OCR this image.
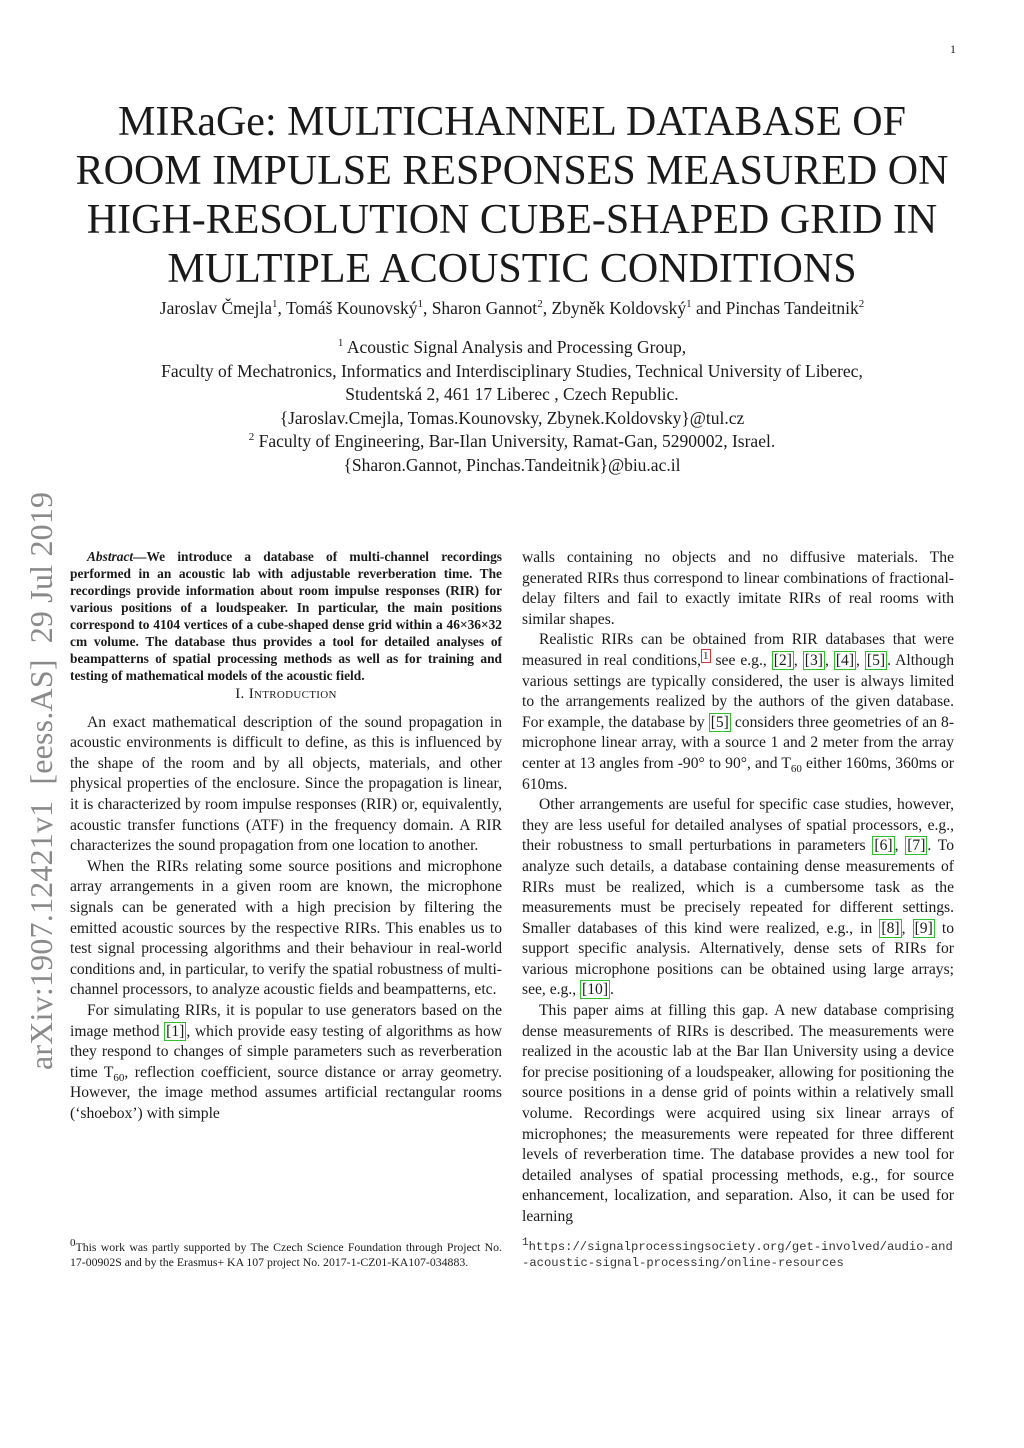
1
arXiv:1907.12421v1
[eess.AS]
29 Jul 2019
MIRaGe: MULTICHANNEL DATABASE OF
ROOM IMPULSE RESPONSES MEASURED ON
HIGH-RESOLUTION CUBE-SHAPED GRID IN
MULTIPLE ACOUSTIC CONDITIONS
Jaroslav Čmejla$^1$, Tomáš Kounovský$^1$, Sharon Gannot$^2$, Zbyněk Koldovský$^1$ and Pinchas Tandeitnik$^2$
$^1$ Acoustic Signal Analysis and Processing Group,
Faculty of Mechatronics, Informatics and Interdisciplinary Studies, Technical University of Liberec,
Studentská 2, 461 17 Liberec , Czech Republic.
{Jaroslav.Cmejla, Tomas.Kounovsky, Zbynek.Koldovsky}@tul.cz
$^2$ Faculty of Engineering, Bar-Ilan University, Ramat-Gan, 5290002, Israel.
{Sharon.Gannot, Pinchas.Tandeitnik}@biu.ac.il

Abstract—We introduce a database of multi-channel recordings performed in an acoustic lab with adjustable reverberation time. The recordings provide information about room impulse responses (RIR) for various positions of a loudspeaker. In particular, the main positions correspond to 4104 vertices of a cube-shaped dense grid within a 46×36×32 cm volume. The database thus provides a tool for detailed analyses of beampatterns of spatial processing methods as well as for training and testing of mathematical models of the acoustic field.

I. Introduction

An exact mathematical description of the sound propagation in acoustic environments is difficult to define, as this is influenced by the shape of the room and by all objects, materials, and other physical properties of the enclosure. Since the propagation is linear, it is characterized by room impulse responses (RIR) or, equivalently, acoustic transfer functions (ATF) in the frequency domain. A RIR characterizes the sound propagation from one location to another.

When the RIRs relating some source positions and microphone array arrangements in a given room are known, the microphone signals can be generated with a high precision by filtering the emitted acoustic sources by the respective RIRs. This enables us to test signal processing algorithms and their behaviour in real-world conditions and, in particular, to verify the spatial robustness of multi-channel processors, to analyze acoustic fields and beampatterns, etc.

For simulating RIRs, it is popular to use generators based on the image method [1] , which provide easy testing of algorithms as how they respond to changes of simple parameters such as reverberation time $T_{60}$, reflection coefficient, source distance or array geometry. However, the image method assumes artificial rectangular rooms (‘shoebox’) with simple

walls containing no objects and no diffusive materials. The generated RIRs thus correspond to linear combinations of fractional-delay filters and fail to exactly imitate RIRs of real rooms with similar shapes.

Realistic RIRs can be obtained from RIR databases that were measured in real conditions, $^1$ see e.g., [2] , [3] , [4] , [5] . Although various settings are typically considered, the user is always limited to the arrangements realized by the authors of the given database. For example, the database by [5] considers three geometries of an 8-microphone linear array, with a source 1 and 2 meter from the array center at 13 angles from -90° to 90°, and $T_{60}$ either 160ms, 360ms or 610ms.

Other arrangements are useful for specific case studies, however, they are less useful for detailed analyses of spatial processors, e.g., their robustness to small perturbations in parameters [6] , [7] . To analyze such details, a database containing dense measurements of RIRs must be realized, which is a cumbersome task as the measurements must be precisely repeated for different settings. Smaller databases of this kind were realized, e.g., in [8] , [9] to support specific analysis. Alternatively, dense sets of RIRs for various microphone positions can be obtained using large arrays; see, e.g., [10] .

This paper aims at filling this gap. A new database comprising dense measurements of RIRs is described. The measurements were realized in the acoustic lab at the Bar Ilan University using a device for precise positioning of a loudspeaker, allowing for positioning the source positions in a dense grid of points within a relatively small volume. Recordings were acquired using six linear arrays of microphones; the measurements were repeated for three different levels of reverberation time. The database provides a new tool for detailed analyses of spatial processing methods, e.g., for source enhancement, localization, and separation. Also, it can be used for learning

$^0$This work was partly supported by The Czech Science Foundation through Project No. 17-00902S and by the Erasmus+ KA 107 project No. 2017-1-CZ01-KA107-034883.
$^1$https://signalprocessingsociety.org/get-involved/audio-and-acoustic-signal-processing/online-resources
